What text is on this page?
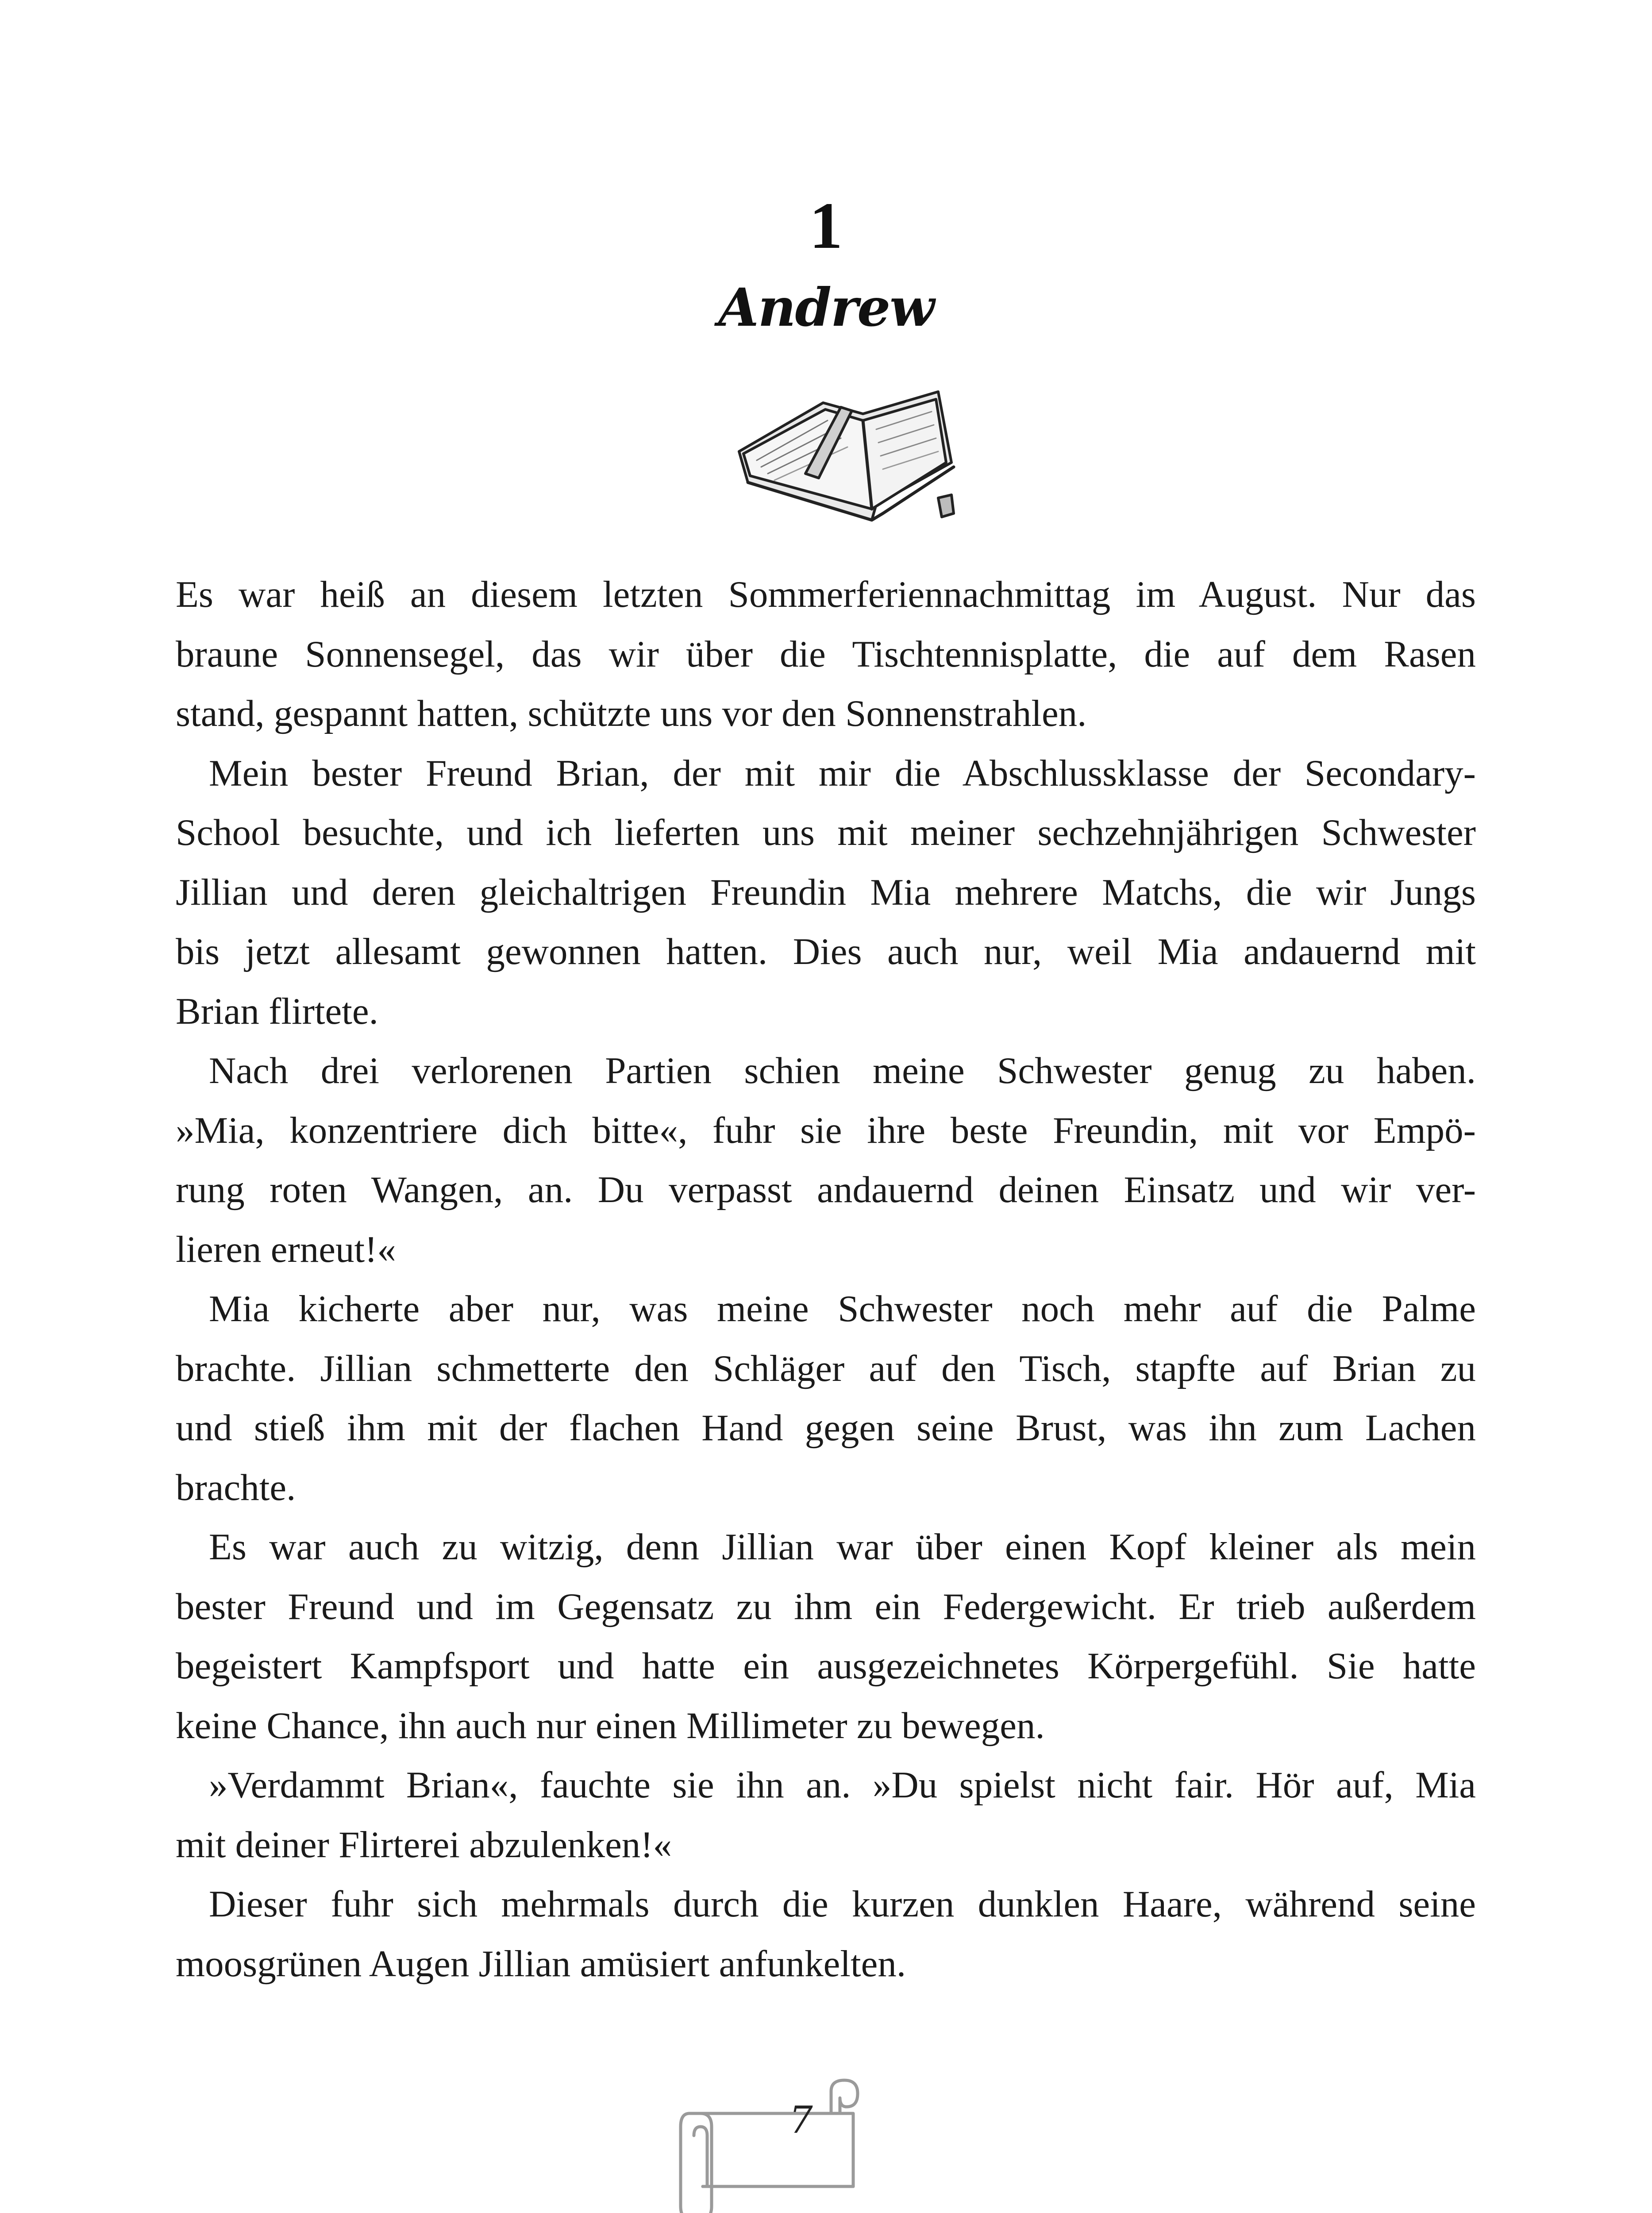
1
Andrew

Es war heiß an diesem letzten Sommerferiennachmittag im August. Nur das
braune Sonnensegel, das wir über die Tischtennisplatte, die auf dem Rasen
stand, gespannt hatten, schützte uns vor den Sonnenstrahlen.

Mein bester Freund Brian, der mit mir die Abschlussklasse der Secondary-
School besuchte, und ich lieferten uns mit meiner sechzehnjährigen Schwester
Jillian und deren gleichaltrigen Freundin Mia mehrere Matchs, die wir Jungs
bis jetzt allesamt gewonnen hatten. Dies auch nur, weil Mia andauernd mit
Brian flirtete.

Nach drei verlorenen Partien schien meine Schwester genug zu haben.
»Mia, konzentriere dich bitte«, fuhr sie ihre beste Freundin, mit vor Empö-
rung roten Wangen, an. Du verpasst andauernd deinen Einsatz und wir ver-
lieren erneut!«

Mia kicherte aber nur, was meine Schwester noch mehr auf die Palme
brachte. Jillian schmetterte den Schläger auf den Tisch, stapfte auf Brian zu
und stieß ihm mit der flachen Hand gegen seine Brust, was ihn zum Lachen
brachte.

Es war auch zu witzig, denn Jillian war über einen Kopf kleiner als mein
bester Freund und im Gegensatz zu ihm ein Federgewicht. Er trieb außerdem
begeistert Kampfsport und hatte ein ausgezeichnetes Körpergefühl. Sie hatte
keine Chance, ihn auch nur einen Millimeter zu bewegen.

»Verdammt Brian«, fauchte sie ihn an. »Du spielst nicht fair. Hör auf, Mia
mit deiner Flirterei abzulenken!«

Dieser fuhr sich mehrmals durch die kurzen dunklen Haare, während seine
moosgrünen Augen Jillian amüsiert anfunkelten.

7
